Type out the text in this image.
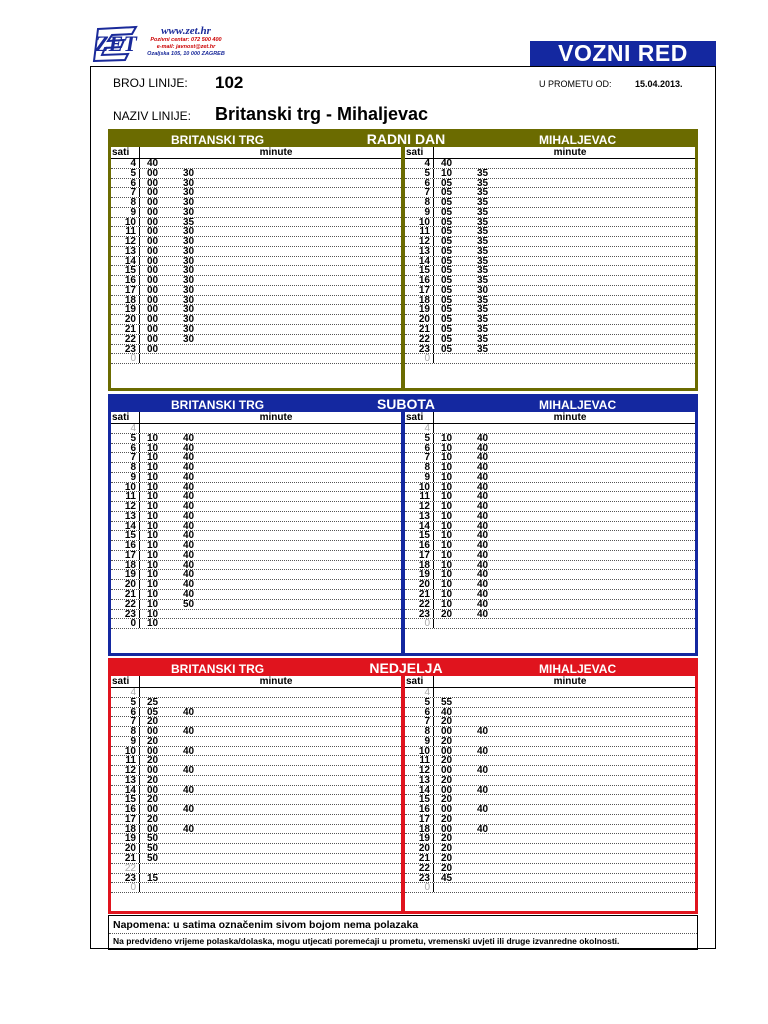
ZET	www.zet.hr
Pozivni centar: 072 500 400
e-mail: javnost@zet.hr
Ozaljska 105, 10 000 ZAGREB	VOZNI RED
BROJ LINIJE: 102	U PROMETU OD:	15.04.2013.
NAZIV LINIJE: Britanski trg - Mihaljevac
BRITANSKI TRG	RADNI DAN	MIHALJEVAC
sati	minute
4 40
5 00 30
6 00 30
7 00 30
8 00 30
9 00 30
10 00 35
11 00 30
12 00 30
13 00 30
14 00 30
15 00 30
16 00 30
17 00 30
18 00 30
19 00 30
20 00 30
21 00 30
22 00 30
23 00
0
sati	minute
4 40
5 10 35
6 05 35
7 05 35
8 05 35
9 05 35
10 05 35
11 05 35
12 05 35
13 05 35
14 05 35
15 05 35
16 05 35
17 05 30
18 05 35
19 05 35
20 05 35
21 05 35
22 05 35
23 05 35
0
BRITANSKI TRG	SUBOTA	MIHALJEVAC
sati	minute
4
5 10 40
6 10 40
7 10 40
8 10 40
9 10 40
10 10 40
11 10 40
12 10 40
13 10 40
14 10 40
15 10 40
16 10 40
17 10 40
18 10 40
19 10 40
20 10 40
21 10 40
22 10 50
23 10
0 10
sati	minute
4
5 10 40
6 10 40
7 10 40
8 10 40
9 10 40
10 10 40
11 10 40
12 10 40
13 10 40
14 10 40
15 10 40
16 10 40
17 10 40
18 10 40
19 10 40
20 10 40
21 10 40
22 10 40
23 20 40
0
BRITANSKI TRG	NEDJELJA	MIHALJEVAC
sati	minute
4
5 25
6 05 40
7 20
8 00 40
9 20
10 00 40
11 20
12 00 40
13 20
14 00 40
15 20
16 00 40
17 20
18 00 40
19 50
20 50
21 50
22
23 15
0
sati	minute
4
5 55
6 40
7 20
8 00 40
9 20
10 00 40
11 20
12 00 40
13 20
14 00 40
15 20
16 00 40
17 20
18 00 40
19 20
20 20
21 20
22 20
23 45
0
Napomena: u satima označenim sivom bojom nema polazaka
Na predviđeno vrijeme polaska/dolaska, mogu utjecati poremećaji u prometu, vremenski uvjeti ili druge izvanredne okolnosti.
